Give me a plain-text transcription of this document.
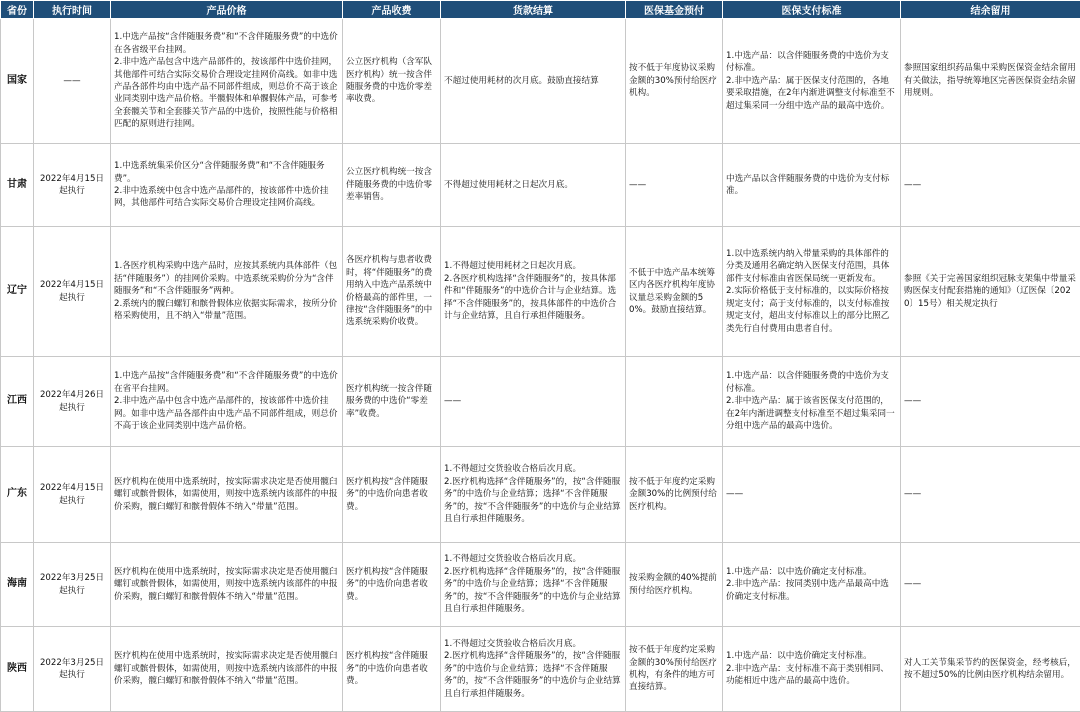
省份	执行时间	产品价格	产品收费	货款结算	医保基金预付	医保支付标准	结余留用
国家	——	1.中选产品按“含伴随服务费”和“不含伴随服务费”的中选价在各省级平台挂网。
2.非中选产品包含中选产品部件的，按该部件中选价挂网，其他部件可结合实际交易价合理设定挂网价高线。如非中选产品各部件均由中选产品不同部件组成，则总价不高于该企业同类别中选产品价格。半髋假体和单髁假体产品，可参考全套髋关节和全套膝关节产品的中选价，按照性能与价格相匹配的原则进行挂网。	公立医疗机构（含军队医疗机构）统一按含伴随服务费的中选价零差率收费。	不超过使用耗材的次月底。鼓励直接结算	按不低于年度协议采购金额的30%预付给医疗机构。	1.中选产品：以含伴随服务费的中选价为支付标准。
2.非中选产品：属于医保支付范围的，各地要采取措施，在2年内渐进调整支付标准至不超过集采同一分组中选产品的最高中选价。	参照国家组织药品集中采购医保资金结余留用有关做法，指导统筹地区完善医保资金结余留用规则。
甘肃	2022年4月15日起执行	1.中选系统集采价区分“含伴随服务费”和“不含伴随服务费”。
2.非中选系统中包含中选产品部件的，按该部件中选价挂网，其他部件可结合实际交易价合理设定挂网价高线。	公立医疗机构统一按含伴随服务费的中选价零差率销售。	不得超过使用耗材之日起次月底。	——	中选产品以含伴随服务费的中选价为支付标准。	——
辽宁	2022年4月15日起执行	1.各医疗机构采购中选产品时，应按其系统内具体部件（包括“伴随服务”）的挂网价采购。中选系统采购价分为“含伴随服务”和“不含伴随服务”两种。
2.系统内的髋臼螺钉和髌骨假体应依据实际需求，按所分价格采购使用，且不纳入“带量”范围。	各医疗机构与患者收费时，将“伴随服务”的费用纳入中选产品系统中价格最高的部件里，一律按“含伴随服务”的中选系统采购价收费。	1.不得超过使用耗材之日起次月底。
2.各医疗机构选择“含伴随服务”的，按具体部件和“伴随服务”的中选价合计与企业结算。选择“不含伴随服务”的，按具体部件的中选价合计与企业结算，且自行承担伴随服务。	不低于中选产品本统筹区内各医疗机构年度协议量总采购金额的50%。鼓励直接结算。	1.以中选系统内纳入带量采购的具体部件的分类及通用名确定纳入医保支付范围，具体部件支付标准由省医保局统一更新发布。
2.实际价格低于支付标准的，以实际价格按规定支付；高于支付标准的，以支付标准按规定支付，超出支付标准以上的部分比照乙类先行自付费用由患者自付。	参照《关于完善国家组织冠脉支架集中带量采购医保支付配套措施的通知》（辽医保〔2020〕15号）相关规定执行
江西	2022年4月26日起执行	1.中选产品按“含伴随服务费”和“不含伴随服务费”的中选价在省平台挂网。
2.非中选产品中包含中选产品部件的，按该部件中选价挂网。如非中选产品各部件由中选产品不同部件组成，则总价不高于该企业同类别中选产品价格。	医疗机构统一按含伴随服务费的中选价“零差率”收费。	——		1.中选产品：以含伴随服务费的中选价为支付标准。
2.非中选产品：属于该省医保支付范围的，在2年内渐进调整支付标准至不超过集采同一分组中选产品的最高中选价。	——
广东	2022年4月15日起执行	医疗机构在使用中选系统时，按实际需求决定是否使用髋臼螺钉或髌骨假体，如需使用，则按中选系统内该部件的申报价采购，髋臼螺钉和髌骨假体不纳入“带量”范围。	医疗机构按“含伴随服务”的中选价向患者收费。	1.不得超过交货验收合格后次月底。
2.医疗机构选择“含伴随服务”的，按“含伴随服务”的中选价与企业结算；选择“不含伴随服务”的，按“不含伴随服务”的中选价与企业结算且自行承担伴随服务。	按不低于年度约定采购金额30%的比例预付给医疗机构。	——	——
海南	2022年3月25日起执行	医疗机构在使用中选系统时，按实际需求决定是否使用髋臼螺钉或髌骨假体，如需使用，则按中选系统内该部件的申报价采购，髋臼螺钉和髌骨假体不纳入“带量”范围。	医疗机构按“含伴随服务”的中选价向患者收费。	1.不得超过交货验收合格后次月底。
2.医疗机构选择“含伴随服务”的，按“含伴随服务”的中选价与企业结算；选择“不含伴随服务”的，按“不含伴随服务”的中选价与企业结算且自行承担伴随服务。	按采购金额的40%提前预付给医疗机构。	1.中选产品：以中选价确定支付标准。
2.非中选产品：按同类别中选产品最高中选价确定支付标准。	——
陕西	2022年3月25日起执行	医疗机构在使用中选系统时，按实际需求决定是否使用髋臼螺钉或髌骨假体，如需使用，则按中选系统内该部件的申报价采购，髋臼螺钉和髌骨假体不纳入“带量”范围。	医疗机构按“含伴随服务”的中选价向患者收费。	1.不得超过交货验收合格后次月底。
2.医疗机构选择“含伴随服务”的，按“含伴随服务”的中选价与企业结算；选择“不含伴随服务”的，按“不含伴随服务”的中选价与企业结算且自行承担伴随服务。	按不低于年度约定采购金额的30%预付给医疗机构，有条件的地方可直接结算。	1.中选产品：以中选价确定支付标准。
2.非中选产品：支付标准不高于类别相同、功能相近中选产品的最高中选价。	对人工关节集采节约的医保资金，经考核后，按不超过50%的比例由医疗机构结余留用。
